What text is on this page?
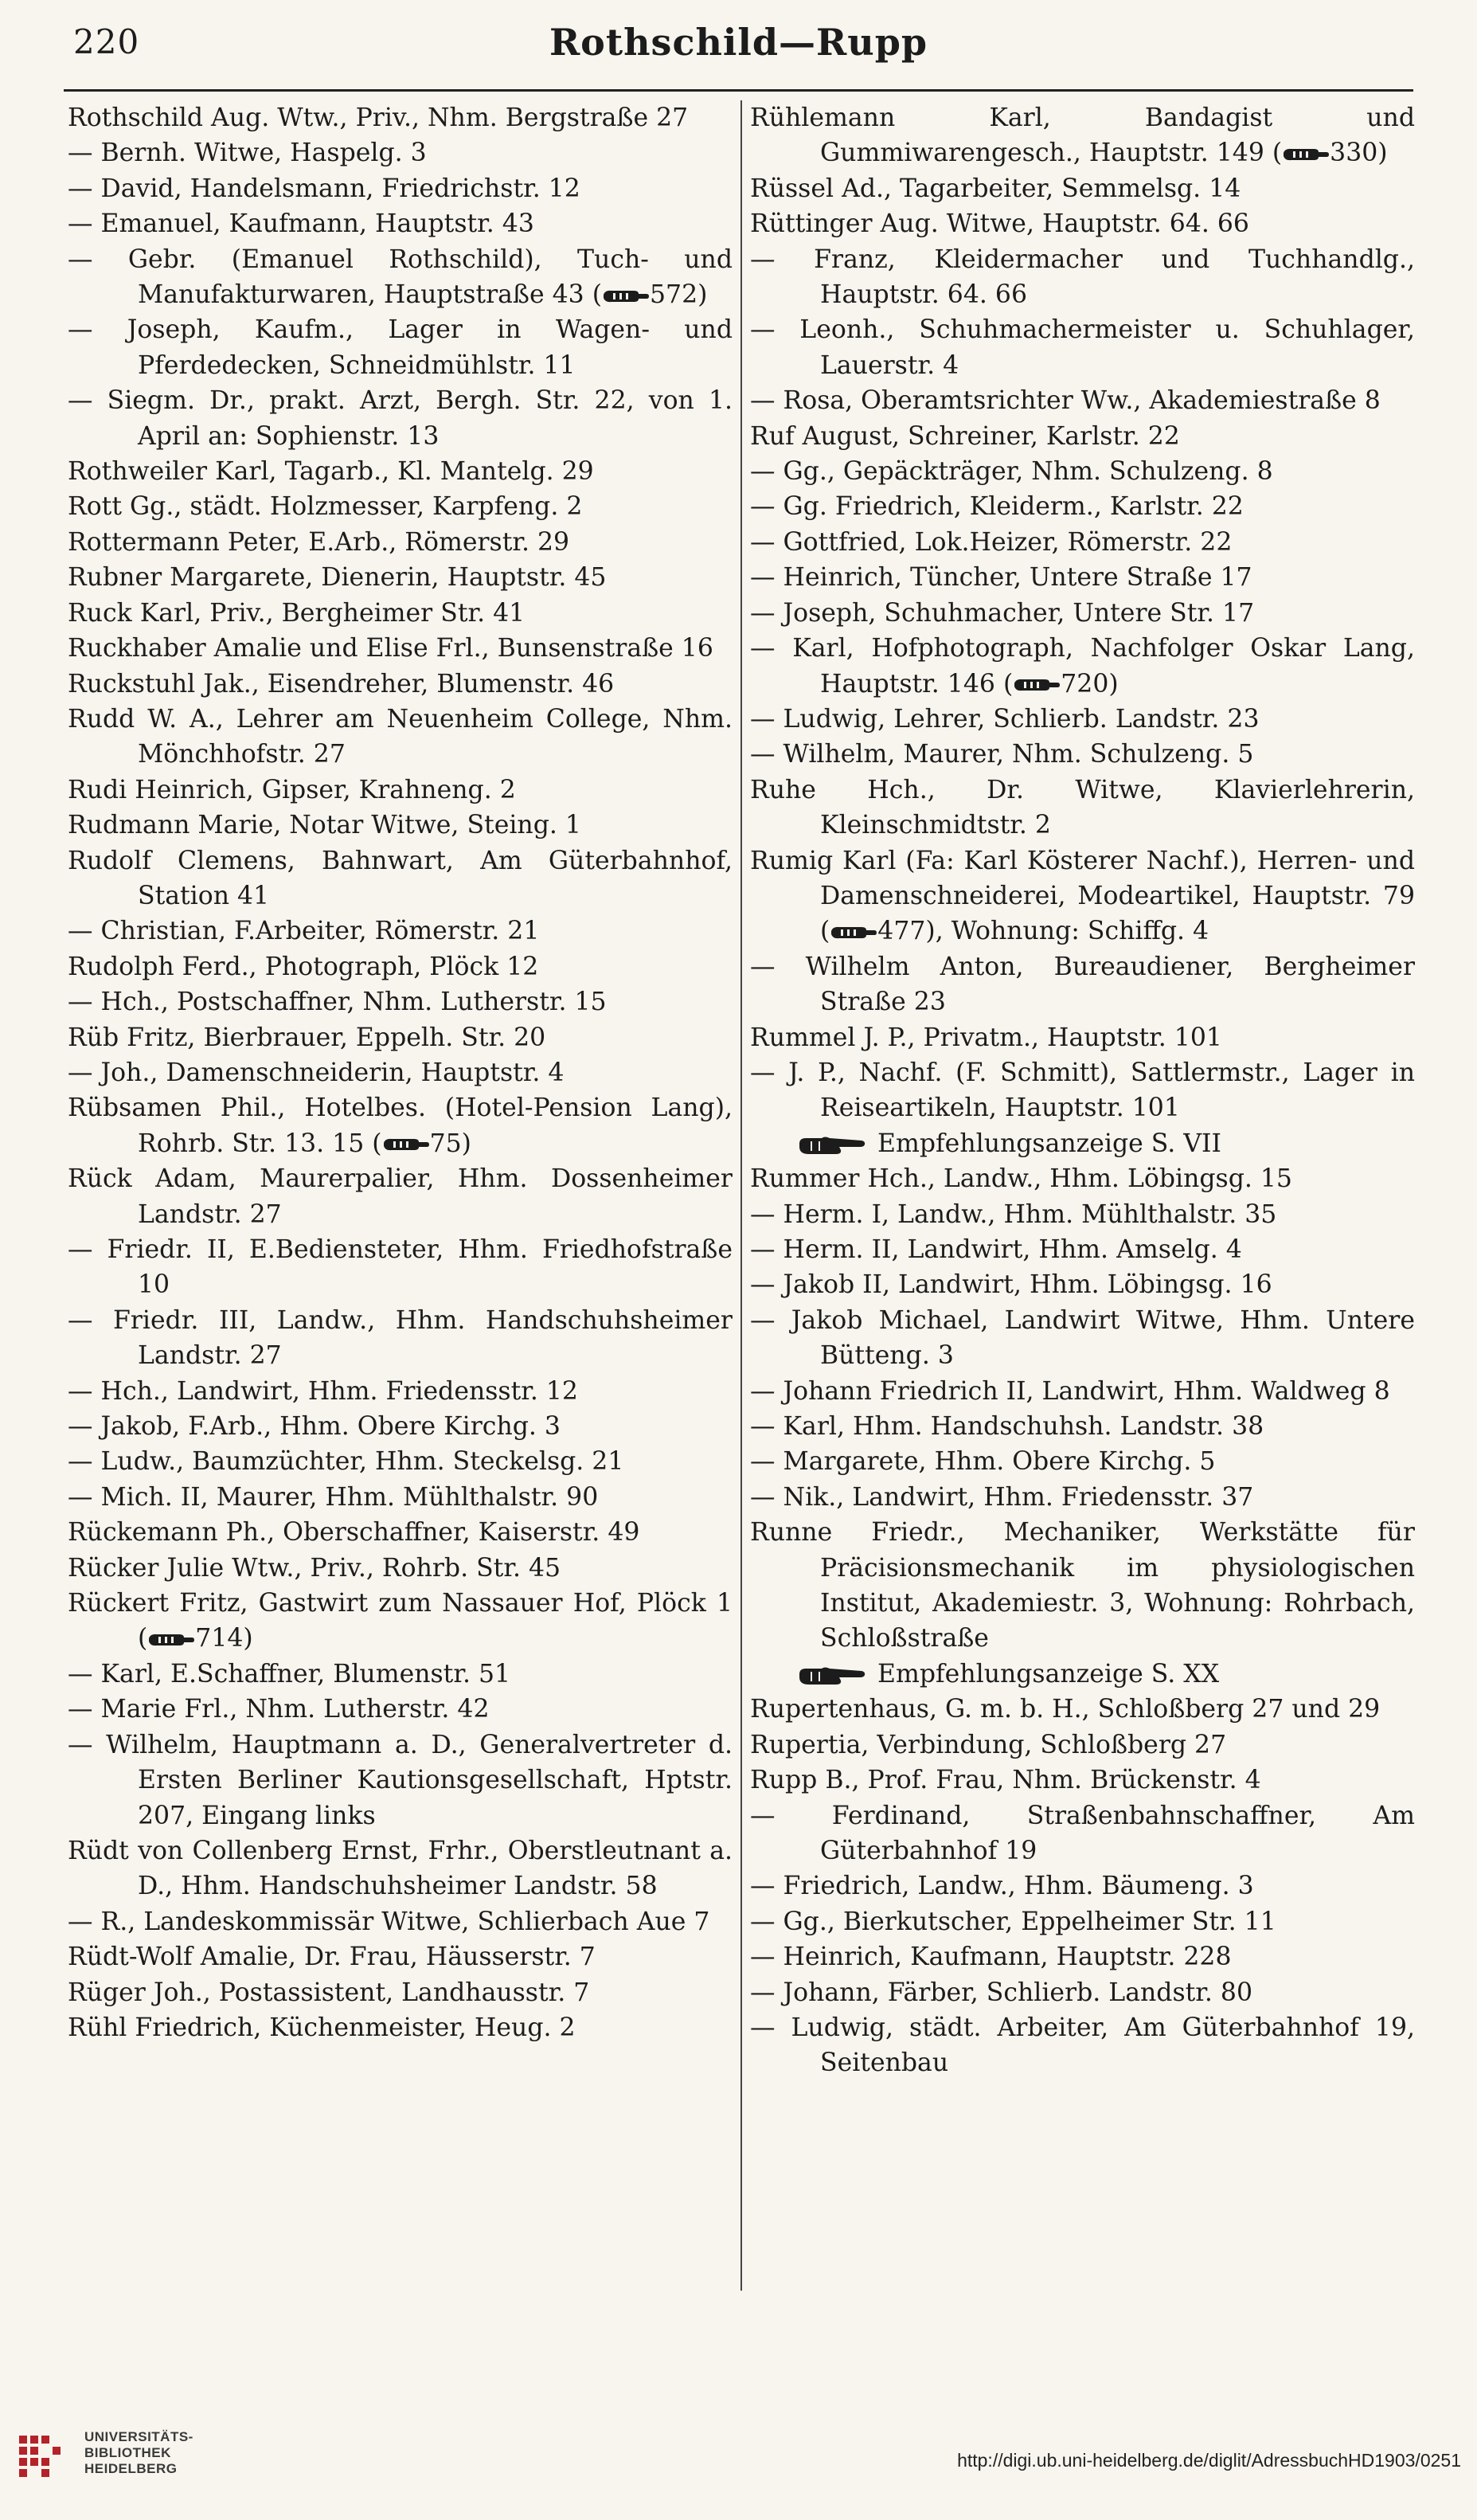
220	Rothschild—Rupp

Rothschild Aug. Wtw., Priv., Nhm. Bergstraße 27

— Bernh. Witwe, Haspelg. 3

— David, Handelsmann, Friedrichstr. 12

— Emanuel, Kaufmann, Hauptstr. 43

— Gebr. (Emanuel Rothschild), Tuch- und Manufakturwaren, Hauptstraße 43 ( 572)

— Joseph, Kaufm., Lager in Wagen- und Pferdedecken, Schneidmühlstr. 11

— Siegm. Dr., prakt. Arzt, Bergh. Str. 22, von 1. April an: Sophienstr. 13

Rothweiler Karl, Tagarb., Kl. Mantelg. 29

Rott Gg., städt. Holzmesser, Karpfeng. 2

Rottermann Peter, E.Arb., Römerstr. 29

Rubner Margarete, Dienerin, Hauptstr. 45

Ruck Karl, Priv., Bergheimer Str. 41

Ruckhaber Amalie und Elise Frl., Bunsenstraße 16

Ruckstuhl Jak., Eisendreher, Blumenstr. 46

Rudd W. A., Lehrer am Neuenheim College, Nhm. Mönchhofstr. 27

Rudi Heinrich, Gipser, Krahneng. 2

Rudmann Marie, Notar Witwe, Steing. 1

Rudolf Clemens, Bahnwart, Am Güterbahnhof, Station 41

— Christian, F.Arbeiter, Römerstr. 21

Rudolph Ferd., Photograph, Plöck 12

— Hch., Postschaffner, Nhm. Lutherstr. 15

Rüb Fritz, Bierbrauer, Eppelh. Str. 20

— Joh., Damenschneiderin, Hauptstr. 4

Rübsamen Phil., Hotelbes. (Hotel-Pension Lang), Rohrb. Str. 13. 15 ( 75)

Rück Adam, Maurerpalier, Hhm. Dossenheimer Landstr. 27

— Friedr. II, E.Bediensteter, Hhm. Friedhofstraße 10

— Friedr. III, Landw., Hhm. Handschuhsheimer Landstr. 27

— Hch., Landwirt, Hhm. Friedensstr. 12

— Jakob, F.Arb., Hhm. Obere Kirchg. 3

— Ludw., Baumzüchter, Hhm. Steckelsg. 21

— Mich. II, Maurer, Hhm. Mühlthalstr. 90

Rückemann Ph., Oberschaffner, Kaiserstr. 49

Rücker Julie Wtw., Priv., Rohrb. Str. 45

Rückert Fritz, Gastwirt zum Nassauer Hof, Plöck 1 ( 714)

— Karl, E.Schaffner, Blumenstr. 51

— Marie Frl., Nhm. Lutherstr. 42

— Wilhelm, Hauptmann a. D., Generalvertreter d. Ersten Berliner Kautionsgesellschaft, Hptstr. 207, Eingang links

Rüdt von Collenberg Ernst, Frhr., Oberstleutnant a. D., Hhm. Handschuhsheimer Landstr. 58

— R., Landeskommissär Witwe, Schlierbach Aue 7

Rüdt-Wolf Amalie, Dr. Frau, Häusserstr. 7

Rüger Joh., Postassistent, Landhausstr. 7

Rühl Friedrich, Küchenmeister, Heug. 2

Rühlemann Karl, Bandagist und Gummiwarengesch., Hauptstr. 149 ( 330)

Rüssel Ad., Tagarbeiter, Semmelsg. 14

Rüttinger Aug. Witwe, Hauptstr. 64. 66

— Franz, Kleidermacher und Tuchhandlg., Hauptstr. 64. 66

— Leonh., Schuhmachermeister u. Schuhlager, Lauerstr. 4

— Rosa, Oberamtsrichter Ww., Akademiestraße 8

Ruf August, Schreiner, Karlstr. 22

— Gg., Gepäckträger, Nhm. Schulzeng. 8

— Gg. Friedrich, Kleiderm., Karlstr. 22

— Gottfried, Lok.Heizer, Römerstr. 22

— Heinrich, Tüncher, Untere Straße 17

— Joseph, Schuhmacher, Untere Str. 17

— Karl, Hofphotograph, Nachfolger Oskar Lang, Hauptstr. 146 ( 720)

— Ludwig, Lehrer, Schlierb. Landstr. 23

— Wilhelm, Maurer, Nhm. Schulzeng. 5

Ruhe Hch., Dr. Witwe, Klavierlehrerin, Kleinschmidtstr. 2

Rumig Karl (Fa: Karl Kösterer Nachf.), Herren- und Damenschneiderei, Modeartikel, Hauptstr. 79 ( 477), Wohnung: Schiffg. 4

— Wilhelm Anton, Bureaudiener, Bergheimer Straße 23

Rummel J. P., Privatm., Hauptstr. 101

— J. P., Nachf. (F. Schmitt), Sattlermstr., Lager in Reiseartikeln, Hauptstr. 101

Empfehlungsanzeige S. VII

Rummer Hch., Landw., Hhm. Löbingsg. 15

— Herm. I, Landw., Hhm. Mühlthalstr. 35

— Herm. II, Landwirt, Hhm. Amselg. 4

— Jakob II, Landwirt, Hhm. Löbingsg. 16

— Jakob Michael, Landwirt Witwe, Hhm. Untere Bütteng. 3

— Johann Friedrich II, Landwirt, Hhm. Waldweg 8

— Karl, Hhm. Handschuhsh. Landstr. 38

— Margarete, Hhm. Obere Kirchg. 5

— Nik., Landwirt, Hhm. Friedensstr. 37

Runne Friedr., Mechaniker, Werkstätte für Präcisionsmechanik im physiologischen Institut, Akademiestr. 3, Wohnung: Rohrbach, Schloßstraße

Empfehlungsanzeige S. XX

Rupertenhaus, G. m. b. H., Schloßberg 27 und 29

Rupertia, Verbindung, Schloßberg 27

Rupp B., Prof. Frau, Nhm. Brückenstr. 4

— Ferdinand, Straßenbahnschaffner, Am Güterbahnhof 19

— Friedrich, Landw., Hhm. Bäumeng. 3

— Gg., Bierkutscher, Eppelheimer Str. 11

— Heinrich, Kaufmann, Hauptstr. 228

— Johann, Färber, Schlierb. Landstr. 80

— Ludwig, städt. Arbeiter, Am Güterbahnhof 19, Seitenbau

UNIVERSITÄTS-
BIBLIOTHEK
HEIDELBERG	http://digi.ub.uni-heidelberg.de/diglit/AdressbuchHD1903/0251
